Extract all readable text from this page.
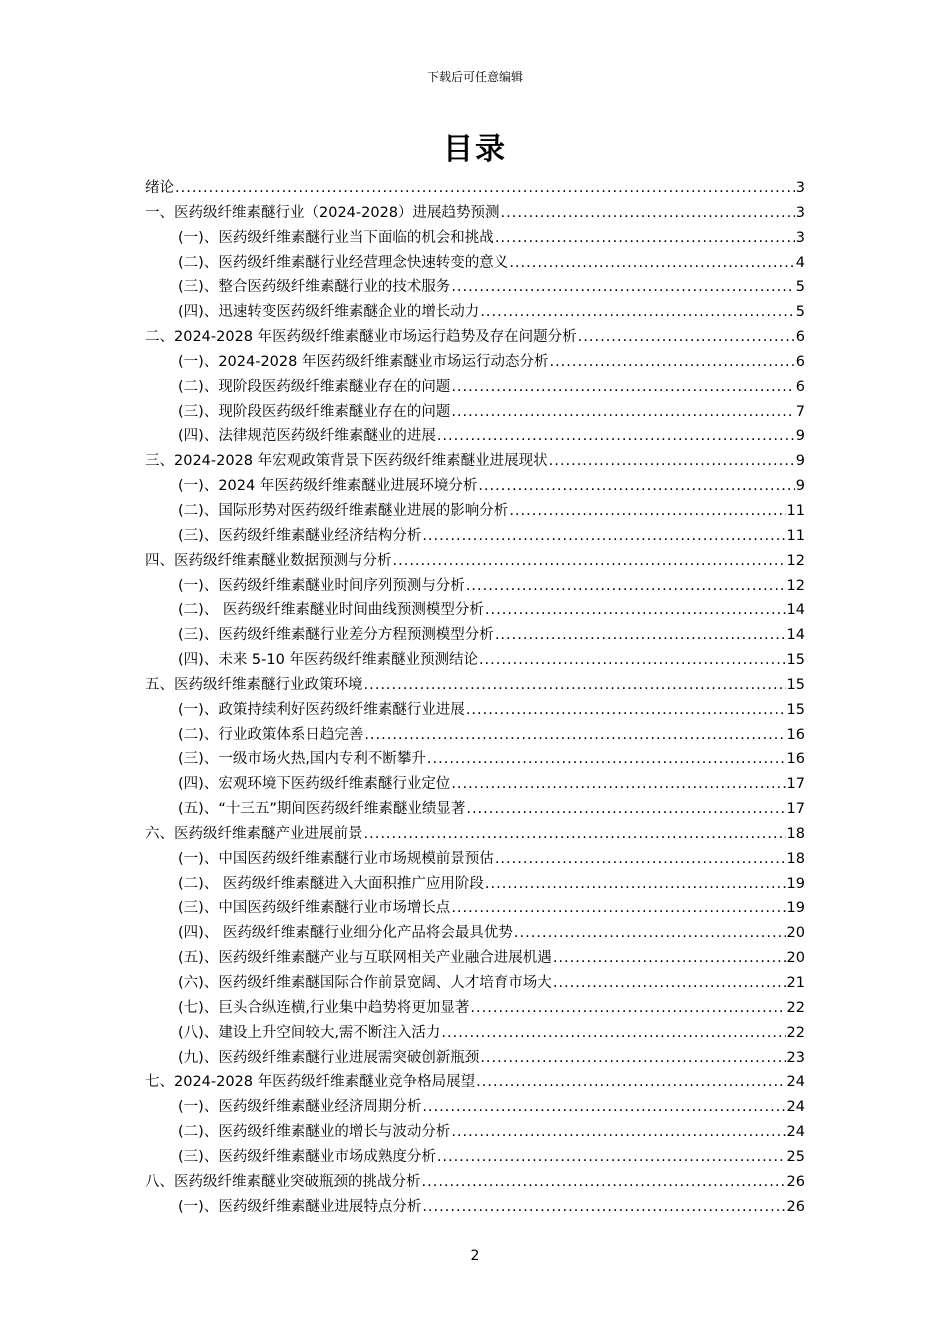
下载后可任意编辑
目录
绪论 .....	3
一、医药级纤维素醚行业（2024-2028）进展趋势预测 .....	3
(一)、医药级纤维素醚行业当下面临的机会和挑战 .....	3
(二)、医药级纤维素醚行业经营理念快速转变的意义 .....	4
(三)、整合医药级纤维素醚行业的技术服务 .....	5
(四)、迅速转变医药级纤维素醚企业的增长动力 .....	5
二、2024-2028 年医药级纤维素醚业市场运行趋势及存在问题分析 .....	6
(一)、2024-2028 年医药级纤维素醚业市场运行动态分析 .....	6
(二)、现阶段医药级纤维素醚业存在的问题 .....	6
(三)、现阶段医药级纤维素醚业存在的问题 .....	7
(四)、法律规范医药级纤维素醚业的进展 .....	9
三、2024-2028 年宏观政策背景下医药级纤维素醚业进展现状 .....	9
(一)、2024 年医药级纤维素醚业进展环境分析 .....	9
(二)、国际形势对医药级纤维素醚业进展的影响分析 .....	11
(三)、医药级纤维素醚业经济结构分析 .....	11
四、医药级纤维素醚业数据预测与分析 .....	12
(一)、医药级纤维素醚业时间序列预测与分析 .....	12
(二)、 医药级纤维素醚业时间曲线预测模型分析 .....	14
(三)、医药级纤维素醚行业差分方程预测模型分析 .....	14
(四)、未来 5-10 年医药级纤维素醚业预测结论 .....	15
五、医药级纤维素醚行业政策环境 .....	15
(一)、政策持续利好医药级纤维素醚行业进展 .....	15
(二)、行业政策体系日趋完善 .....	16
(三)、一级市场火热,国内专利不断攀升 .....	16
(四)、宏观环境下医药级纤维素醚行业定位 .....	17
(五)、“十三五”期间医药级纤维素醚业绩显著 .....	17
六、医药级纤维素醚产业进展前景 .....	18
(一)、中国医药级纤维素醚行业市场规模前景预估 .....	18
(二)、 医药级纤维素醚进入大面积推广应用阶段 .....	19
(三)、中国医药级纤维素醚行业市场增长点 .....	19
(四)、 医药级纤维素醚行业细分化产品将会最具优势 .....	20
(五)、医药级纤维素醚产业与互联网相关产业融合进展机遇 .....	20
(六)、医药级纤维素醚国际合作前景宽阔、人才培育市场大 .....	21
(七)、巨头合纵连横,行业集中趋势将更加显著 .....	22
(八)、建设上升空间较大,需不断注入活力 .....	22
(九)、医药级纤维素醚行业进展需突破创新瓶颈 .....	23
七、2024-2028 年医药级纤维素醚业竞争格局展望 .....	24
(一)、医药级纤维素醚业经济周期分析 .....	24
(二)、医药级纤维素醚业的增长与波动分析 .....	24
(三)、医药级纤维素醚业市场成熟度分析 .....	25
八、医药级纤维素醚业突破瓶颈的挑战分析 .....	26
(一)、医药级纤维素醚业进展特点分析 .....	26
2
